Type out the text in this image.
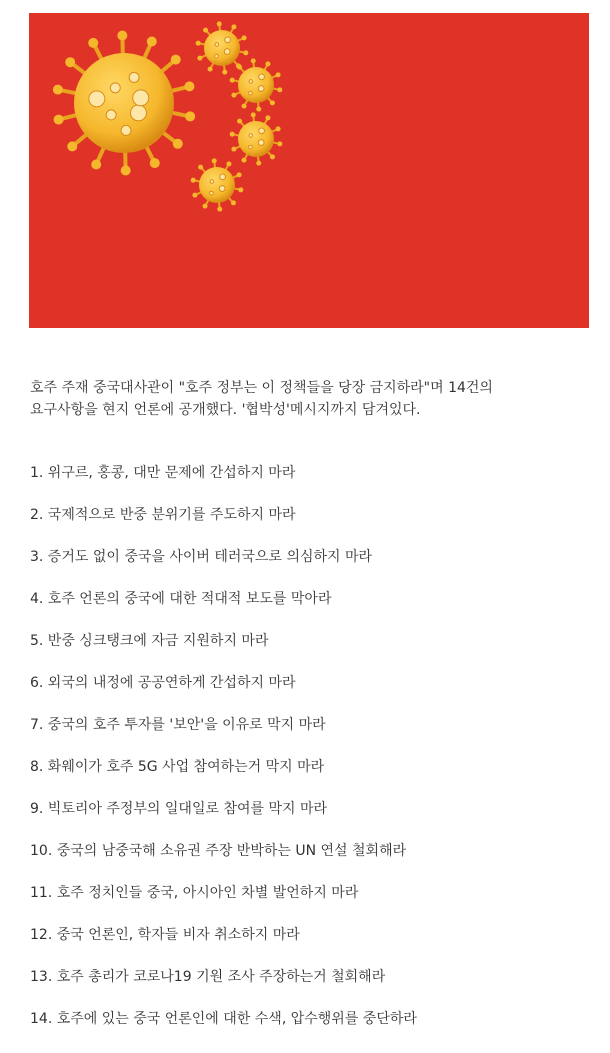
호주 주재 중국대사관이 "호주 정부는 이 정책들을 당장 금지하라"며 14건의
요구사항을 현지 언론에 공개했다. '협박성'메시지까지 담겨있다.
1. 위구르, 홍콩, 대만 문제에 간섭하지 마라
2. 국제적으로 반중 분위기를 주도하지 마라
3. 증거도 없이 중국을 사이버 테러국으로 의심하지 마라
4. 호주 언론의 중국에 대한 적대적 보도를 막아라
5. 반중 싱크탱크에 자금 지원하지 마라
6. 외국의 내정에 공공연하게 간섭하지 마라
7. 중국의 호주 투자를 '보안'을 이유로 막지 마라
8. 화웨이가 호주 5G 사업 참여하는거 막지 마라
9. 빅토리아 주정부의 일대일로 참여를 막지 마라
10. 중국의 남중국해 소유권 주장 반박하는 UN 연설 철회해라
11. 호주 정치인들 중국, 아시아인 차별 발언하지 마라
12. 중국 언론인, 학자들 비자 취소하지 마라
13. 호주 총리가 코로나19 기원 조사 주장하는거 철회해라
14. 호주에 있는 중국 언론인에 대한 수색, 압수행위를 중단하라
